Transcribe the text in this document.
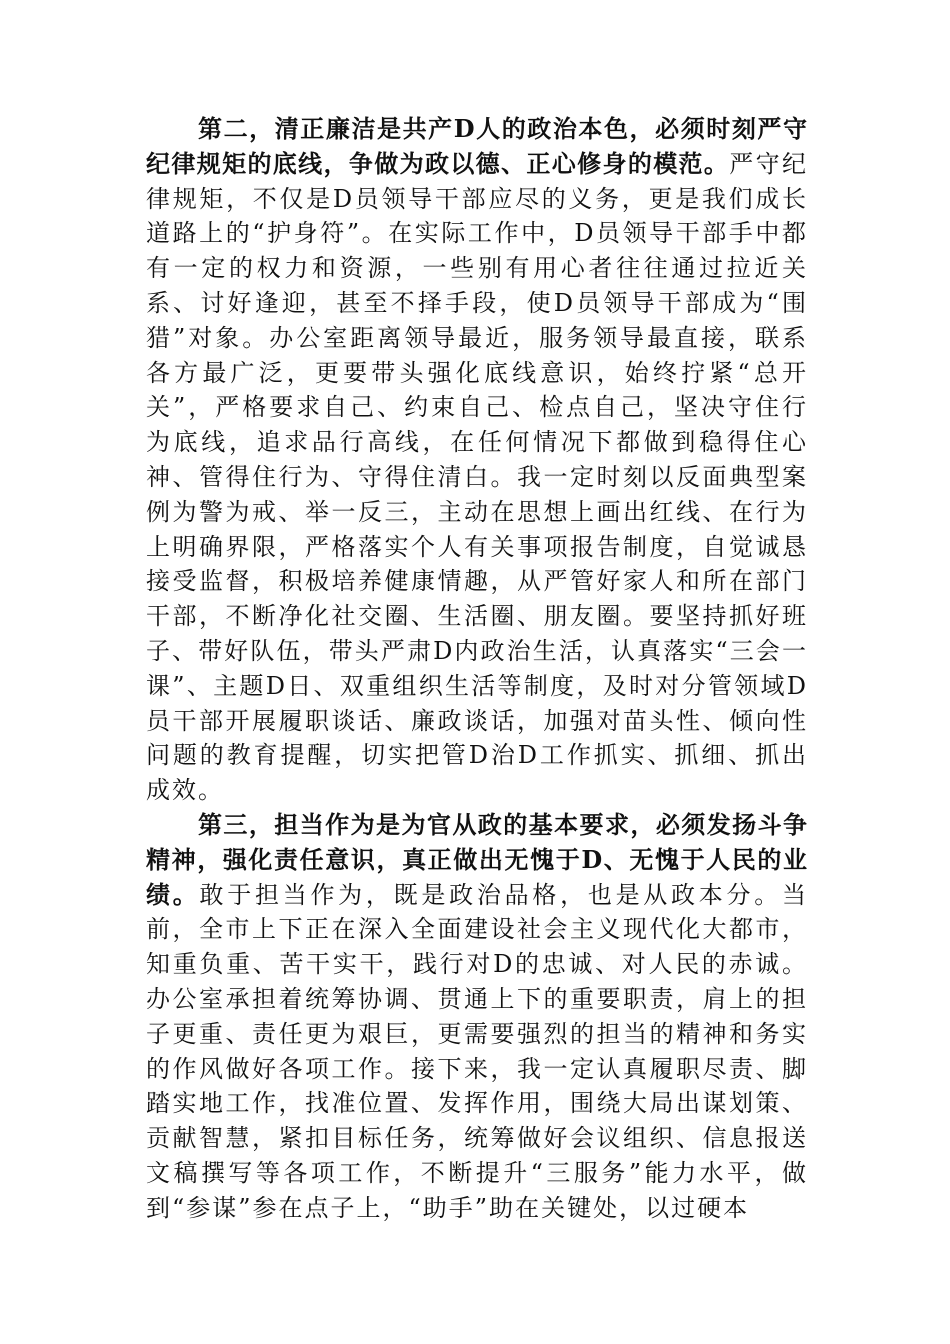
第二，清正廉洁是共产D人的政治本色，必须时刻严守纪律规矩的底线，争做为政以德、正心修身的模范。严守纪律规矩，不仅是D员领导干部应尽的义务，更是我们成长道路上的“护身符”。在实际工作中，D员领导干部手中都有一定的权力和资源，一些别有用心者往往通过拉近关系、讨好逢迎，甚至不择手段，使D员领导干部成为“围猎”对象。办公室距离领导最近，服务领导最直接，联系各方最广泛，更要带头强化底线意识，始终拧紧“总开关”，严格要求自己、约束自己、检点自己，坚决守住行为底线，追求品行高线，在任何情况下都做到稳得住心神、管得住行为、守得住清白。我一定时刻以反面典型案例为警为戒、举一反三，主动在思想上画出红线、在行为上明确界限，严格落实个人有关事项报告制度，自觉诚恳接受监督，积极培养健康情趣，从严管好家人和所在部门干部，不断净化社交圈、生活圈、朋友圈。要坚持抓好班子、带好队伍，带头严肃D内政治生活，认真落实“三会一课”、主题D日、双重组织生活等制度，及时对分管领域D员干部开展履职谈话、廉政谈话，加强对苗头性、倾向性问题的教育提醒，切实把管D治D工作抓实、抓细、抓出成效。

第三，担当作为是为官从政的基本要求，必须发扬斗争精神，强化责任意识，真正做出无愧于D、无愧于人民的业绩。敢于担当作为，既是政治品格，也是从政本分。当前，全市上下正在深入全面建设社会主义现代化大都市，知重负重、苦干实干，践行对D的忠诚、对人民的赤诚。办公室承担着统筹协调、贯通上下的重要职责，肩上的担子更重、责任更为艰巨，更需要强烈的担当的精神和务实的作风做好各项工作。接下来，我一定认真履职尽责、脚踏实地工作，找准位置、发挥作用，围绕大局出谋划策、贡献智慧，紧扣目标任务，统筹做好会议组织、信息报送文稿撰写等各项工作，不断提升“三服务”能力水平，做到“参谋”参在点子上，“助手”助在关键处，以过硬本
